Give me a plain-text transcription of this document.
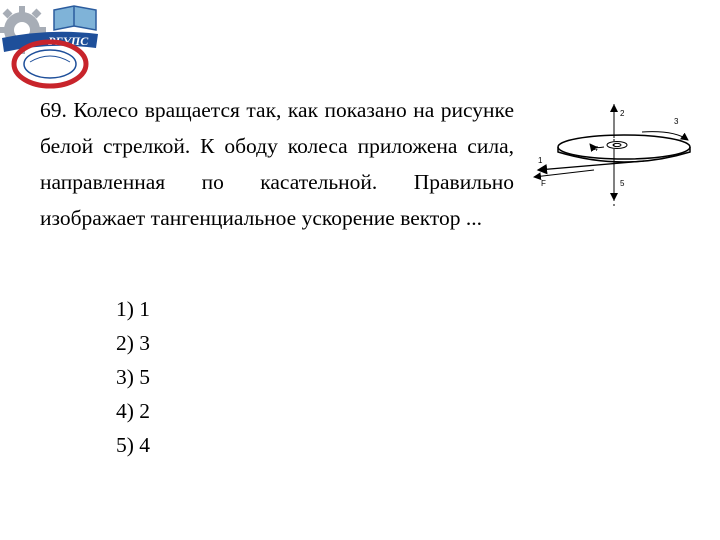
РГУПС

69. Колесо вращается так, как показано на рисунке белой стрелкой. К ободу колеса приложена сила, направленная по касательной. Правильно изображает тангенциальное ускорение вектор ...

2
3
4
5
1
F
1) 1
2) 3
3) 5
4) 2
5) 4
